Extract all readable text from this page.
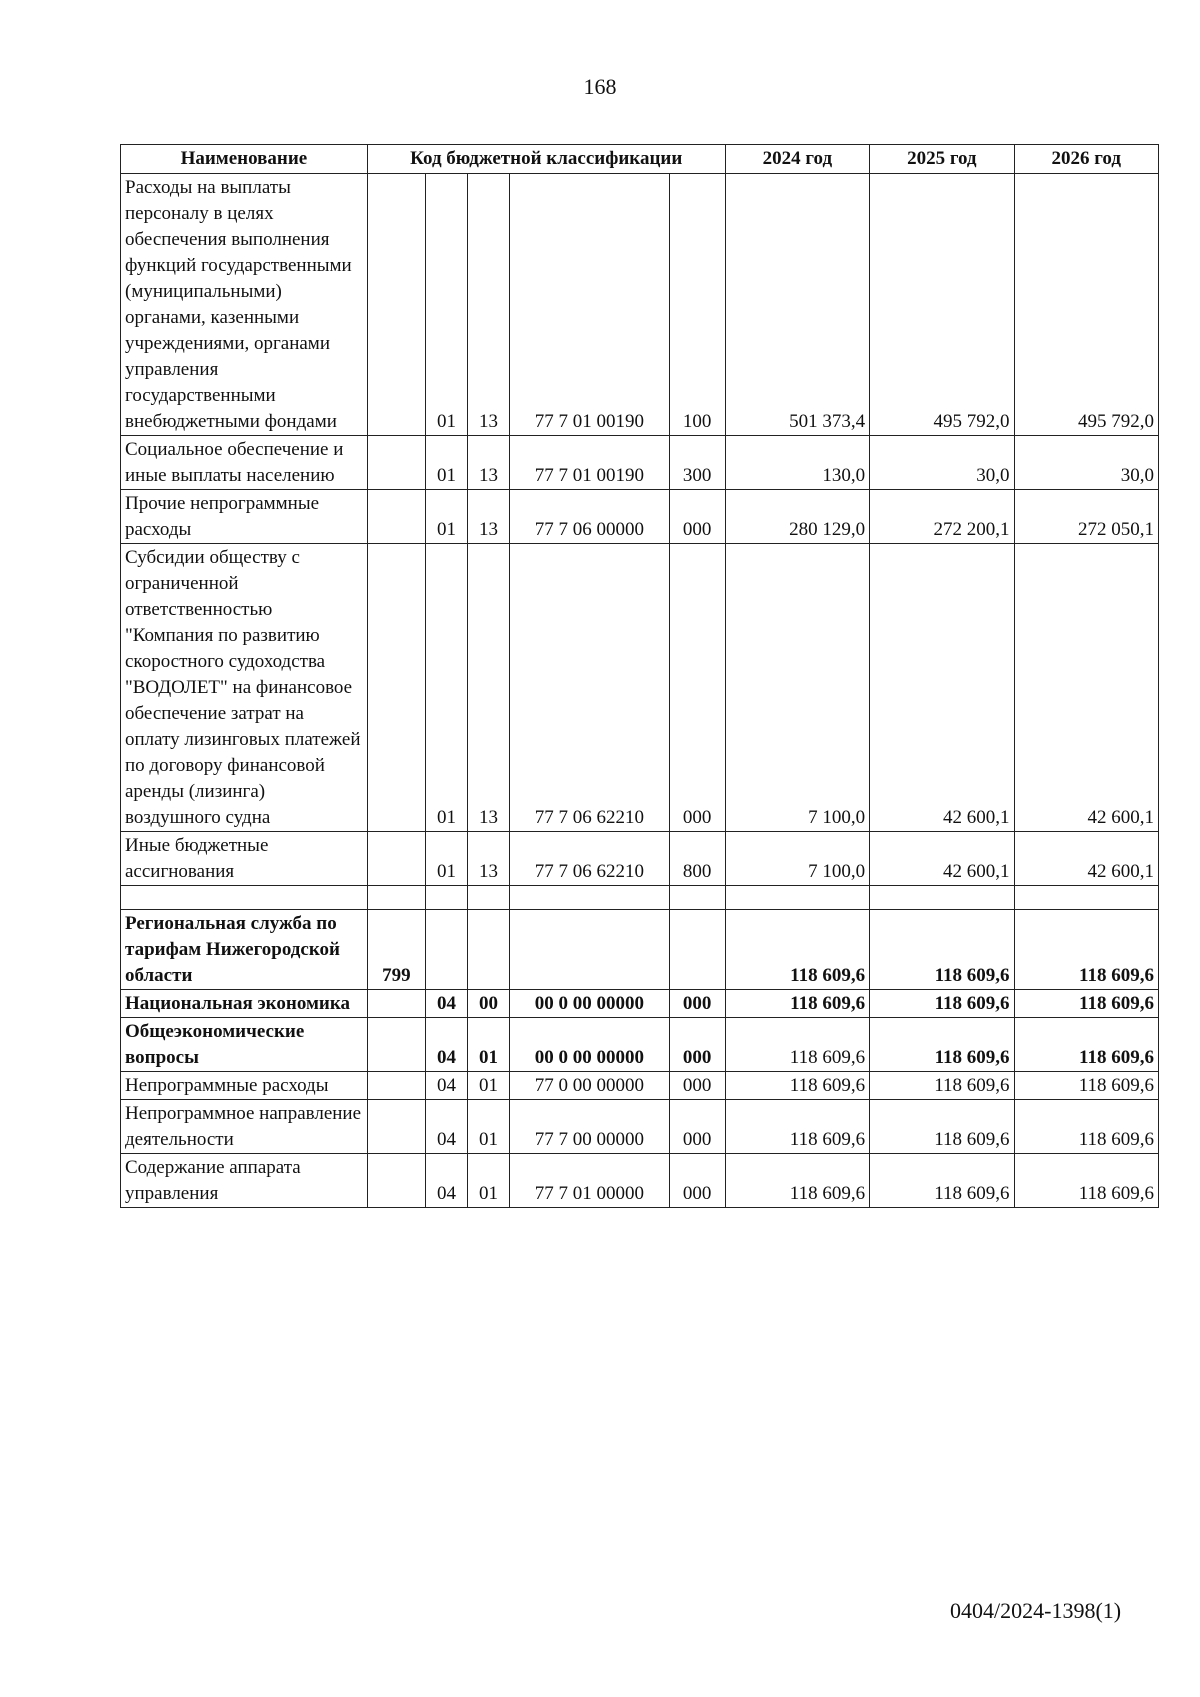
168
Наименование	Код бюджетной классификации					2024 год	2025 год	2026 год
Расходы на выплаты персоналу в целях обеспечения выполнения функций государственными (муниципальными) органами, казенными учреждениями, органами управления государственными внебюджетными фондами		01	13	77 7 01 00190	100	501 373,4	495 792,0	495 792,0
Социальное обеспечение и иные выплаты населению		01	13	77 7 01 00190	300	130,0	30,0	30,0
Прочие непрограммные расходы		01	13	77 7 06 00000	000	280 129,0	272 200,1	272 050,1
Субсидии обществу с ограниченной ответственностью "Компания по развитию скоростного судоходства "ВОДОЛЕТ" на финансовое обеспечение затрат на оплату лизинговых платежей по договору финансовой аренды (лизинга) воздушного судна		01	13	77 7 06 62210	000	7 100,0	42 600,1	42 600,1
Иные бюджетные ассигнования		01	13	77 7 06 62210	800	7 100,0	42 600,1	42 600,1

Региональная служба по тарифам Нижегородской области	799					118 609,6	118 609,6	118 609,6
Национальная экономика		04	00	00 0 00 00000	000	118 609,6	118 609,6	118 609,6
Общеэкономические вопросы		04	01	00 0 00 00000	000	118 609,6	118 609,6	118 609,6
Непрограммные расходы		04	01	77 0 00 00000	000	118 609,6	118 609,6	118 609,6
Непрограммное направление деятельности		04	01	77 7 00 00000	000	118 609,6	118 609,6	118 609,6
Содержание аппарата управления		04	01	77 7 01 00000	000	118 609,6	118 609,6	118 609,6
0404/2024-1398(1)
